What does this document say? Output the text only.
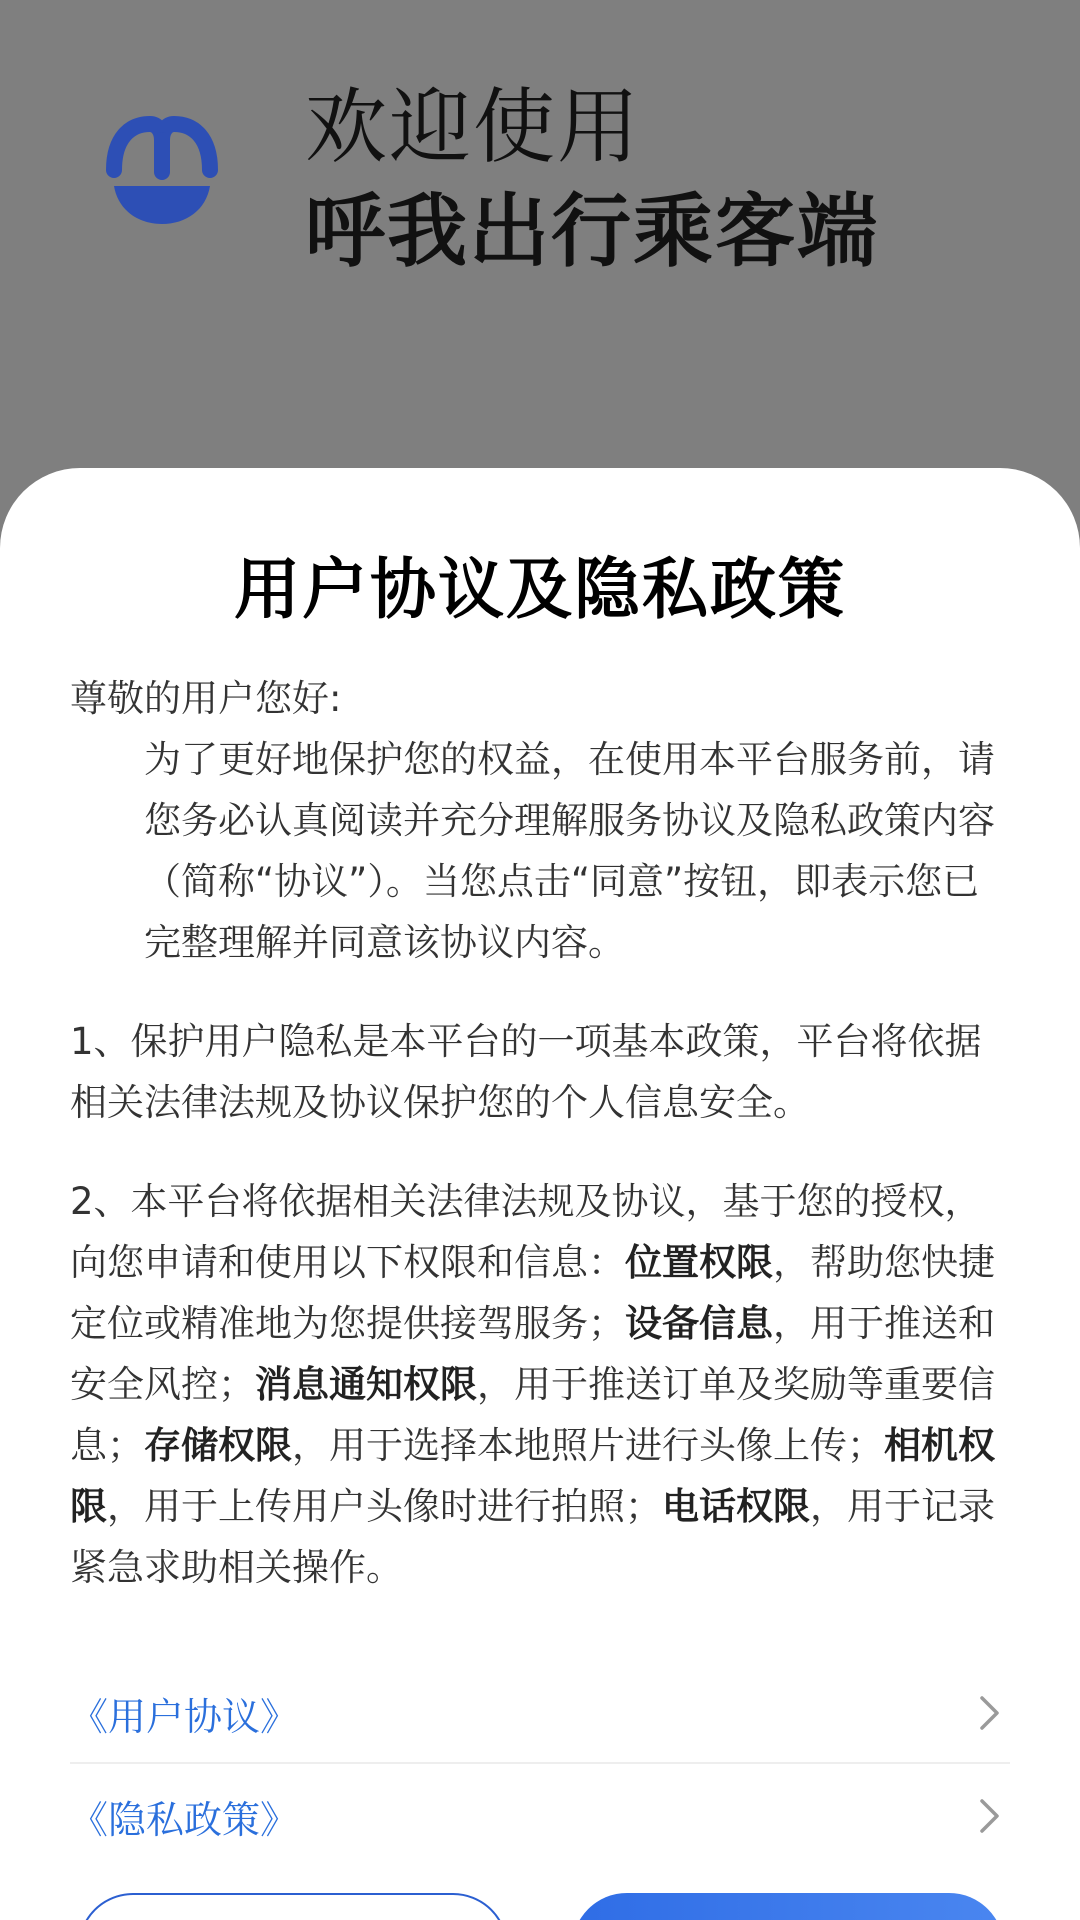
欢迎使用
呼我出行乘客端
用户协议及隐私政策

尊敬的用户您好:

为了更好地保护您的权益，在使用本平台服务前，请您务必认真阅读并充分理解服务协议及隐私政策内容（简称“协议”）。当您点击“同意”按钮，即表示您已完整理解并同意该协议内容。

1、保护用户隐私是本平台的一项基本政策，平台将依据相关法律法规及协议保护您的个人信息安全。

2、本平台将依据相关法律法规及协议，基于您的授权，向您申请和使用以下权限和信息：位置权限，帮助您快捷定位或精准地为您提供接驾服务；设备信息，用于推送和安全风控；消息通知权限，用于推送订单及奖励等重要信息；存储权限，用于选择本地照片进行头像上传；相机权限，用于上传用户头像时进行拍照；电话权限，用于记录紧急求助相关操作。

《用户协议》
《隐私政策》
